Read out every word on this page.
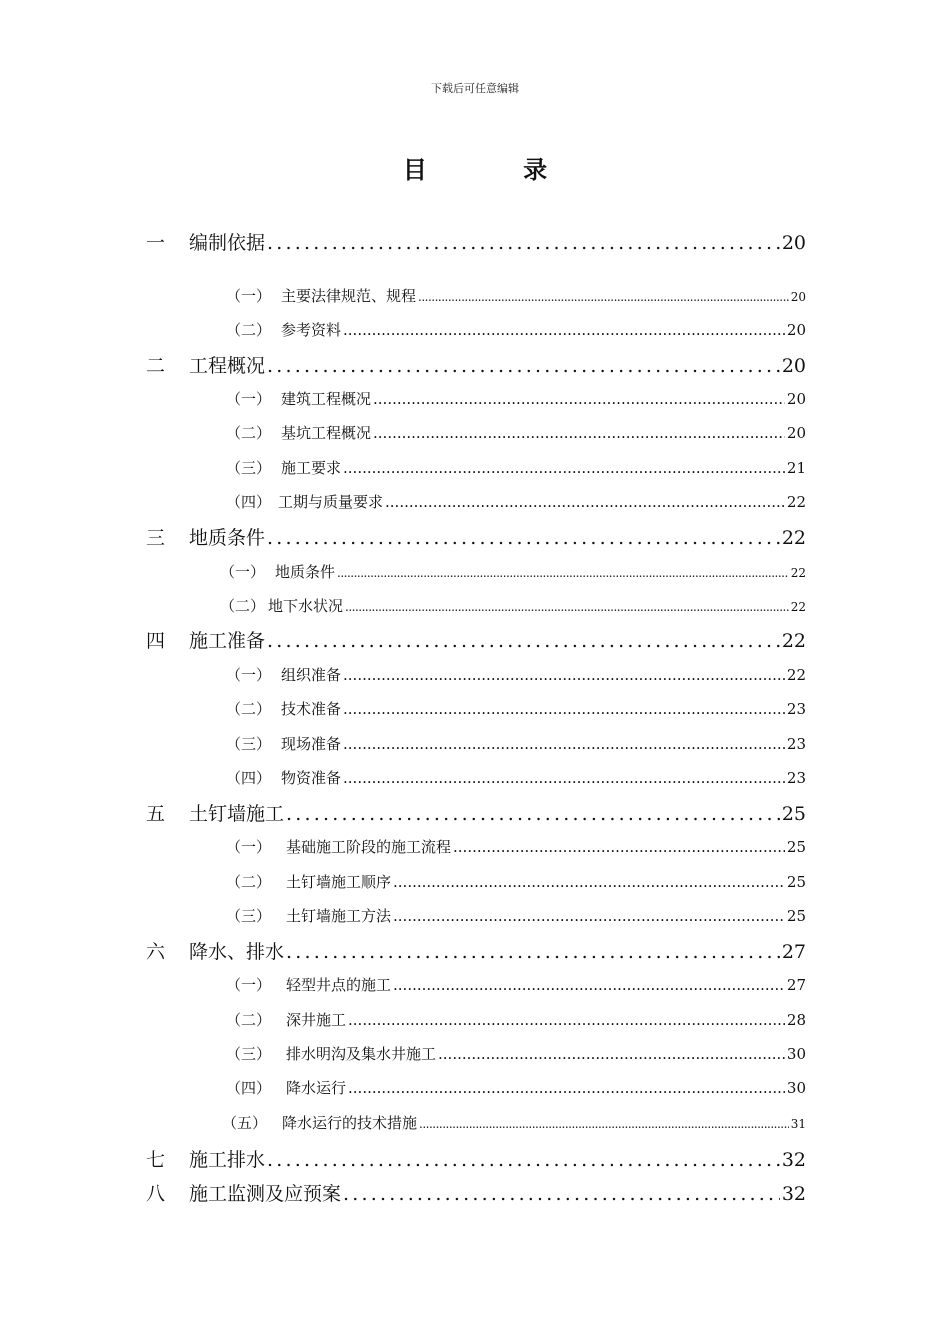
下载后可任意编辑
目 录
一	编制依据 .....	20
（一） 主要法律规范、规程 .....	20
（二） 参考资料 .....	20
二	工程概况 .....	20
（一） 建筑工程概况 .....	20
（二） 基坑工程概况 .....	20
（三） 施工要求 .....	21
（四） 工期与质量要求 .....	22
三	地质条件 .....	22
（一） 地质条件 .....	22
（二） 地下水状况 .....	22
四	施工准备 .....	22
（一） 组织准备 .....	22
（二） 技术准备 .....	23
（三） 现场准备 .....	23
（四） 物资准备 .....	23
五	土钉墙施工 .....	25
（一） 基础施工阶段的施工流程 .....	25
（二） 土钉墙施工顺序 .....	25
（三） 土钉墙施工方法 .....	25
六	降水、排水 .....	27
（一） 轻型井点的施工 .....	27
（二） 深井施工 .....	28
（三） 排水明沟及集水井施工 .....	30
（四） 降水运行 .....	30
（五） 降水运行的技术措施 .....	31
七	施工排水 .....	32
八	施工监测及应预案 .....	32
